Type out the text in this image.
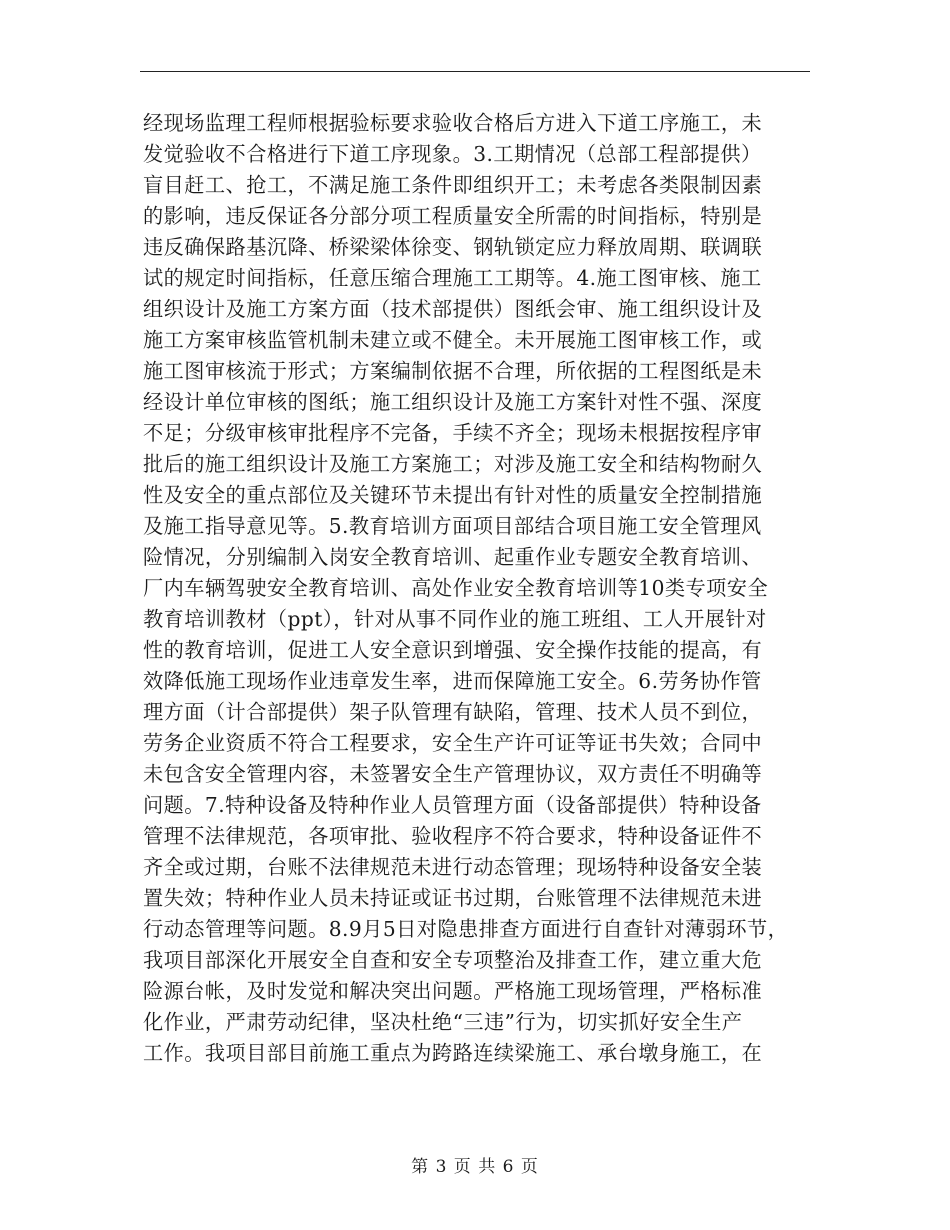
经现场监理工程师根据验标要求验收合格后方进入下道工序施工，未
发觉验收不合格进行下道工序现象。3.工期情况（总部工程部提供）
盲目赶工、抢工，不满足施工条件即组织开工；未考虑各类限制因素
的影响，违反保证各分部分项工程质量安全所需的时间指标，特别是
违反确保路基沉降、桥梁梁体徐变、钢轨锁定应力释放周期、联调联
试的规定时间指标，任意压缩合理施工工期等。4.施工图审核、施工
组织设计及施工方案方面（技术部提供）图纸会审、施工组织设计及
施工方案审核监管机制未建立或不健全。未开展施工图审核工作，或
施工图审核流于形式；方案编制依据不合理，所依据的工程图纸是未
经设计单位审核的图纸；施工组织设计及施工方案针对性不强、深度
不足；分级审核审批程序不完备，手续不齐全；现场未根据按程序审
批后的施工组织设计及施工方案施工；对涉及施工安全和结构物耐久
性及安全的重点部位及关键环节未提出有针对性的质量安全控制措施
及施工指导意见等。5.教育培训方面项目部结合项目施工安全管理风
险情况，分别编制入岗安全教育培训、起重作业专题安全教育培训、
厂内车辆驾驶安全教育培训、高处作业安全教育培训等10类专项安全
教育培训教材（ppt），针对从事不同作业的施工班组、工人开展针对
性的教育培训，促进工人安全意识到增强、安全操作技能的提高，有
效降低施工现场作业违章发生率，进而保障施工安全。6.劳务协作管
理方面（计合部提供）架子队管理有缺陷，管理、技术人员不到位，
劳务企业资质不符合工程要求，安全生产许可证等证书失效；合同中
未包含安全管理内容，未签署安全生产管理协议，双方责任不明确等
问题。7.特种设备及特种作业人员管理方面（设备部提供）特种设备
管理不法律规范，各项审批、验收程序不符合要求，特种设备证件不
齐全或过期，台账不法律规范未进行动态管理；现场特种设备安全装
置失效；特种作业人员未持证或证书过期，台账管理不法律规范未进
行动态管理等问题。8.9月5日对隐患排查方面进行自查针对薄弱环节，
我项目部深化开展安全自查和安全专项整治及排查工作，建立重大危
险源台帐，及时发觉和解决突出问题。严格施工现场管理，严格标准
化作业，严肃劳动纪律，坚决杜绝“三违”行为，切实抓好安全生产
工作。我项目部目前施工重点为跨路连续梁施工、承台墩身施工，在
第 3 页 共 6 页
